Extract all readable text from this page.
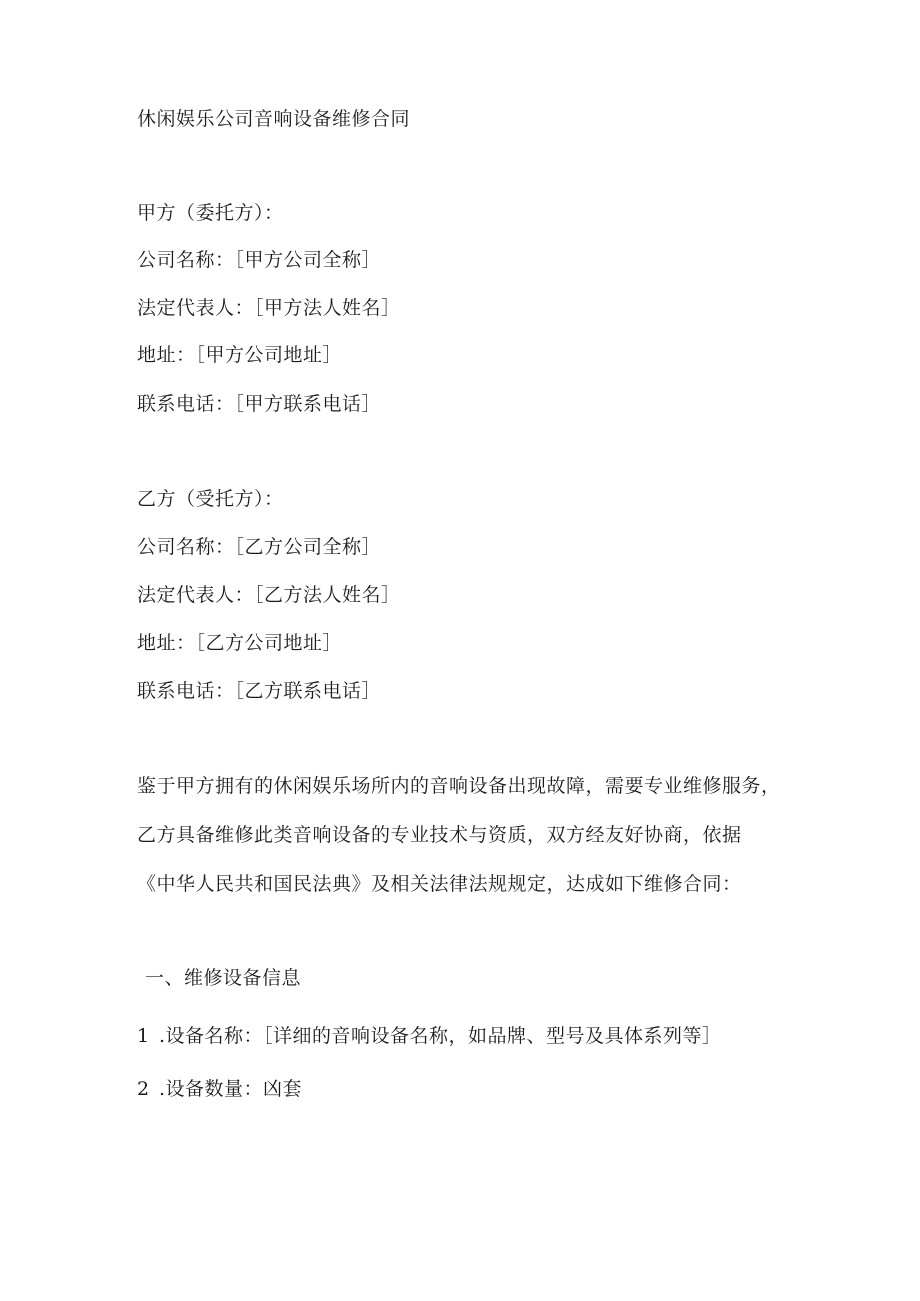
休闲娱乐公司音响设备维修合同
甲方（委托方）：
公司名称：［甲方公司全称］
法定代表人：［甲方法人姓名］
地址：［甲方公司地址］
联系电话：［甲方联系电话］
乙方（受托方）：
公司名称：［乙方公司全称］
法定代表人：［乙方法人姓名］
地址：［乙方公司地址］
联系电话：［乙方联系电话］
鉴于甲方拥有的休闲娱乐场所内的音响设备出现故障，需要专业维修服务，
乙方具备维修此类音响设备的专业技术与资质，双方经友好协商，依据
《中华人民共和国民法典》及相关法律法规规定，达成如下维修合同：
一、维修设备信息
1 .设备名称：［详细的音响设备名称，如品牌、型号及具体系列等］
2 .设备数量：凶套
